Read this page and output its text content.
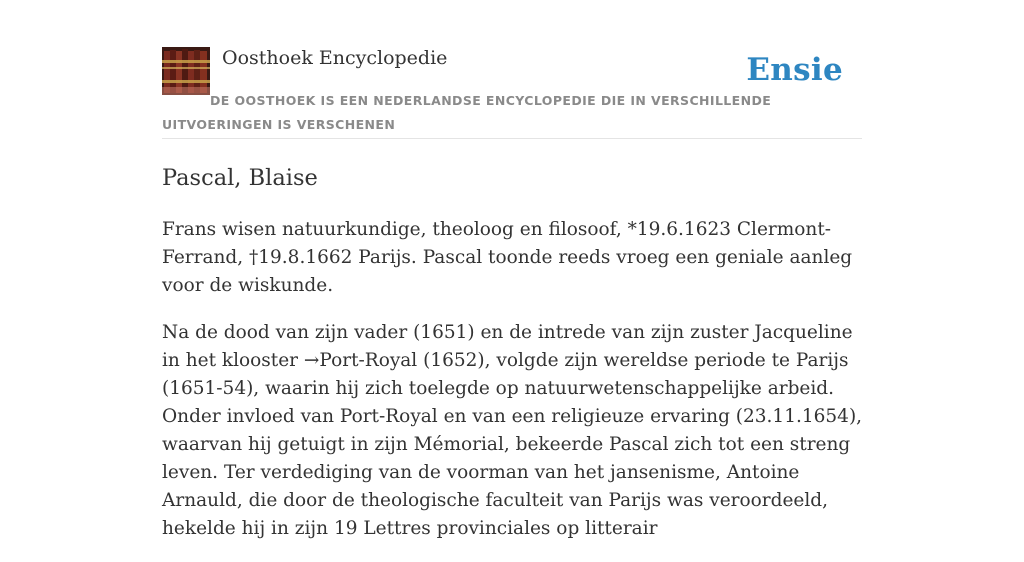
Oosthoek Encyclopedie	Ensie
DE OOSTHOEK IS EEN NEDERLANDSE ENCYCLOPEDIE DIE IN VERSCHILLENDE UITVOERINGEN IS VERSCHENEN
Pascal, Blaise

Frans wisen natuurkundige, theoloog en filosoof, *19.6.1623 Clermont-Ferrand, †19.8.1662 Parijs. Pascal toonde reeds vroeg een geniale aanleg voor de wiskunde.

Na de dood van zijn vader (1651) en de intrede van zijn zuster Jacqueline in het klooster →Port-Royal (1652), volgde zijn wereldse periode te Parijs (1651-54), waarin hij zich toelegde op natuurwetenschappelijke arbeid. Onder invloed van Port-Royal en van een religieuze ervaring (23.11.1654), waarvan hij getuigt in zijn Mémorial, bekeerde Pascal zich tot een streng leven. Ter verdediging van de voorman van het jansenisme, Antoine Arnauld, die door de theologische faculteit van Parijs was veroordeeld, hekelde hij in zijn 19 Lettres provinciales op litterair
